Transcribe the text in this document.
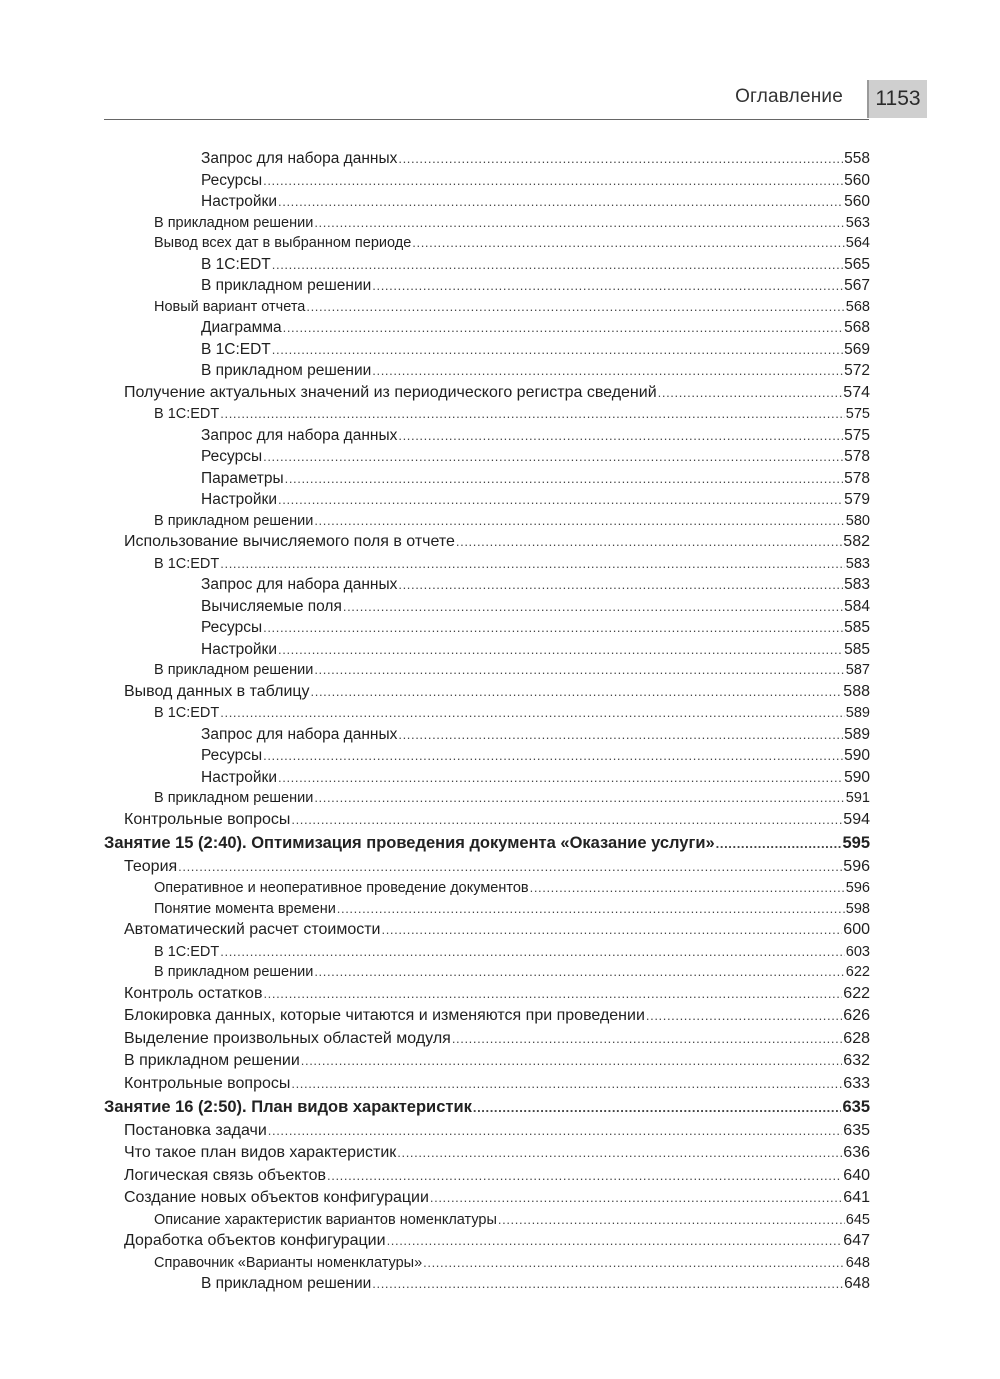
Оглавление	1153
Запрос для набора данных .....	558
Ресурсы .....	560
Настройки .....	560
В прикладном решении .....	563
Вывод всех дат в выбранном периоде .....	564
В 1С:EDT .....	565
В прикладном решении .....	567
Новый вариант отчета .....	568
Диаграмма .....	568
В 1С:EDT .....	569
В прикладном решении .....	572
Получение актуальных значений из периодического регистра сведений .....	574
В 1С:EDT .....	575
Запрос для набора данных .....	575
Ресурсы .....	578
Параметры .....	578
Настройки .....	579
В прикладном решении .....	580
Использование вычисляемого поля в отчете .....	582
В 1С:EDT .....	583
Запрос для набора данных .....	583
Вычисляемые поля .....	584
Ресурсы .....	585
Настройки .....	585
В прикладном решении .....	587
Вывод данных в таблицу .....	588
В 1С:EDT .....	589
Запрос для набора данных .....	589
Ресурсы .....	590
Настройки .....	590
В прикладном решении .....	591
Контрольные вопросы .....	594
Занятие 15 (2:40). Оптимизация проведения документа «Оказание услуги» .....	595
Теория .....	596
Оперативное и неоперативное проведение документов .....	596
Понятие момента времени .....	598
Автоматический расчет стоимости .....	600
В 1С:EDT .....	603
В прикладном решении .....	622
Контроль остатков .....	622
Блокировка данных, которые читаются и изменяются при проведении .....	626
Выделение произвольных областей модуля .....	628
В прикладном решении .....	632
Контрольные вопросы .....	633
Занятие 16 (2:50). План видов характеристик .....	635
Постановка задачи .....	635
Что такое план видов характеристик .....	636
Логическая связь объектов .....	640
Создание новых объектов конфигурации .....	641
Описание характеристик вариантов номенклатуры .....	645
Доработка объектов конфигурации .....	647
Справочник «Варианты номенклатуры» .....	648
В прикладном решении .....	648
